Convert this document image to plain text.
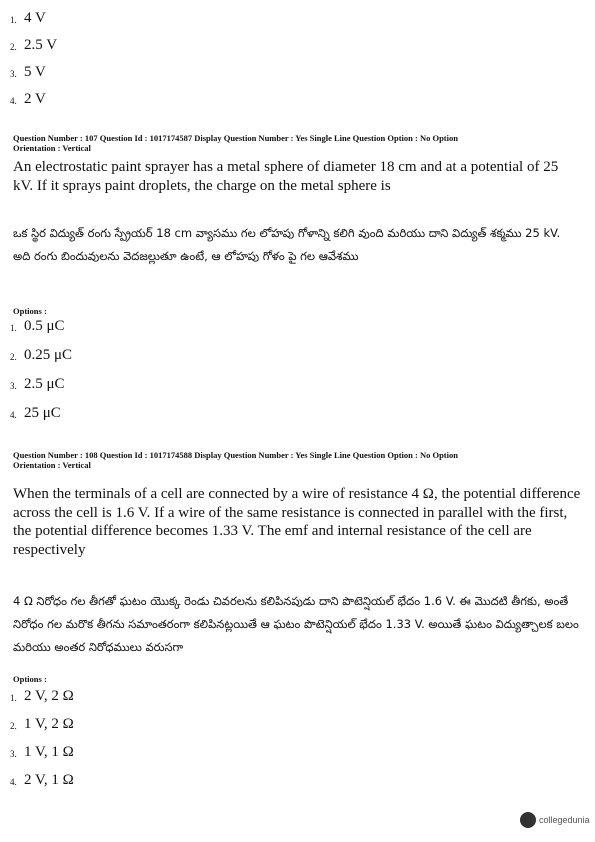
1. 4 V
2. 2.5 V
3. 5 V
4. 2 V
Question Number : 107 Question Id : 1017174587 Display Question Number : Yes Single Line Question Option : No Option
Orientation : Vertical
An electrostatic paint sprayer has a metal sphere of diameter 18 cm and at a potential of 25 kV. If it sprays paint droplets, the charge on the metal sphere is
ఒక స్థిర విద్యుత్ రంగు స్ప్రేయర్ 18 cm వ్యాసము గల లోహపు గోళాన్ని కలిగి వుంది మరియు దాని విద్యుత్ శక్మము 25 kV. అది రంగు బిందువులను వెదజల్లుతూ ఉంటే, ఆ లోహపు గోళం పై గల ఆవేశము
Options :
1. 0.5 μC
2. 0.25 μC
3. 2.5 μC
4. 25 μC
Question Number : 108 Question Id : 1017174588 Display Question Number : Yes Single Line Question Option : No Option
Orientation : Vertical
When the terminals of a cell are connected by a wire of resistance 4 Ω, the potential difference across the cell is 1.6 V. If a wire of the same resistance is connected in parallel with the first, the potential difference becomes 1.33 V. The emf and internal resistance of the cell are respectively
4 Ω నిరోధం గల తీగతో ఘటం యొక్క రెండు చివరలను కలిపినపుడు దాని పొటెన్షియల్ భేదం 1.6 V. ఈ మొదటి తీగకు, అంతే నిరోధం గల మరొక తీగను సమాంతరంగా కలిపినట్లయితే ఆ ఘటం పొటెన్షియల్ భేదం 1.33 V. అయితే ఘటం విద్యుత్చాలక బలం మరియు అంతర నిరోధములు వరుసగా
Options :
1. 2 V, 2 Ω
2. 1 V, 2 Ω
3. 1 V, 1 Ω
4. 2 V, 1 Ω
collegedunia
